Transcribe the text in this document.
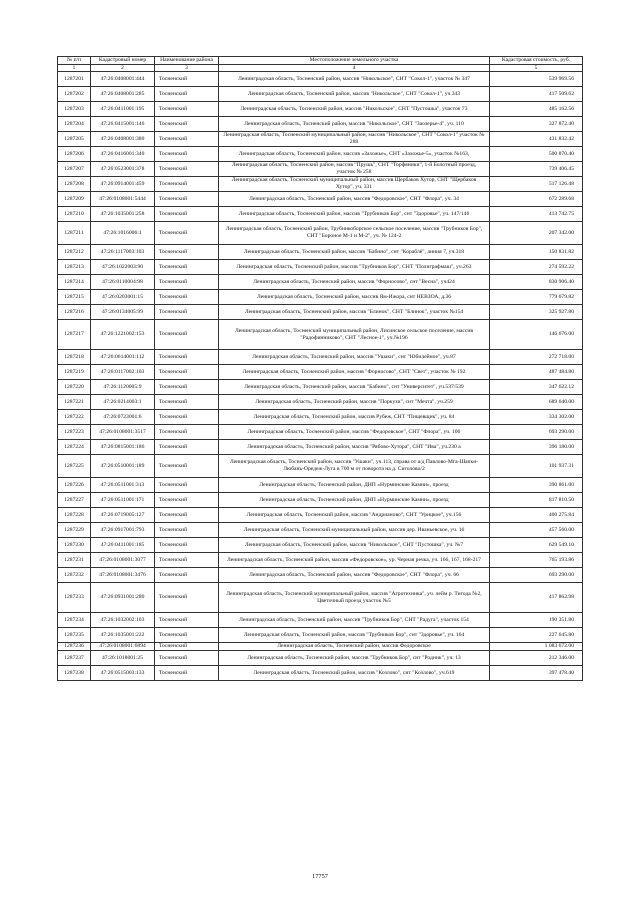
№ п/п	Кадастровый номер	Наименование района	Местоположение земельного участка	Кадастровая стоимость, руб.
1	2	3	4	5
1287201	47:26:0408001:444	Тосненский	Ленинградская область, Тосненский район, массив "Никольское", СНТ "Сокол-1", участок № 347	539 969.56
1287202	47:26:0408001:285	Тосненский	Ленинградская область, Тосненский район, массив "Никольское", СНТ "Сокол-1", уч.343	417 509.62
1287203	47:26:0411001:195	Тосненский	Ленинградская область, Тосненский район, массив "Никольское", СНТ "Пустошка", участок 73	485 162.56
1287204	47:26:0415001:146	Тосненский	Ленинградская область, Тосненский район, массив "Никольское", СНТ "Заозерье-4", уч. 110	327 872.40
1287205	47:26:0408001:380	Тосненский	Ленинградская область, Тосненский муниципальный район, массив "Никольское", СНТ "Сокол-1" участок № 288	431 832.42
1287206	47:26:0416001:340	Тосненский	Ленинградская область, Тосненский район, массив «Захожье», СНТ «Захожье-5», участок №163,	500 870.40
1287207	47:26:0523001:378	Тосненский	Ленинградская область, Тосненский район, массив "Прушь", СНТ "Торфяники", 1-й Болотный проезд, участок № 258	739 406.45
1287208	47:26:0914001:459	Тосненский	Ленинградская область, Тосненский муниципальный район, массив Щербаков Хутор, СНТ "Щербаков Хутор", уч. 331	517 126.48
1287209	47:26:0108001:5444	Тосненский	Ленинградская область, Тосненский район, массив "Федоровское", СНТ "Флора", уч. 34	672 289.68
1287210	47:26:1035001:258	Тосненский	Ленинградская область, Тосненский район, массив "Трубников Бор", снт "Здоровье", уч. 147/146	413 742.75
1287211	47:26:1016006:1	Тосненский	Ленинградская область, Тосненский район, Трубникоборское сельское поселение, массив "Трубников Бор", СНТ "Бороное М-1 и М-2", уч. № 124-2	207 342.00
1287212	47:26:1117003:103	Тосненский	Ленинградская область, Тосненский район, массив "Бабино", снт "Кораблё", линия 7, уч.318	150 831.82
1287213	47:26:1022003:90	Тосненский	Ленинградская область, Тосненский район, массив "Трубников Бор", СНТ "Полиграфмаш", уч.263	274 592.22
1287214	47:26:0110004:98	Тосненский	Ленинградская область, Тосненский район, массив "Форносово", снт "Весна", уч424	830 906.40
1287215	47:26:0203001:15	Тосненский	Ленинградская область, Тосненский район, массив Ям-Ижора, снт НЕВЗОА, д.36	779 679.82
1287216	47:26:0134005:99	Тосненский	Ленинградская область, Тосненский район, массив "Блинок", СНТ "Блинок", участок №154	325 927.80
1287217	47:26:1221002:153	Тосненский	Ленинградская область, Тосненский муниципальный район, Лисинское сельское поселение, массив "Радофинниково", СНТ "Лесное-1", уч.№196	146 676.00
1287218	47:26:0614001:112	Тосненский	Ленинградская область, Тосненский район, массив "Ушаки", снт "Юбилейное", уч.87	272 718.00
1287219	47:26:0117002:103	Тосненский	Ленинградская область, Тосненский район, массив "Форносово", СНТ "Свет", участок № 192	487 484.80
1287220	47:26:1120005:9	Тосненский	Ленинградская область, Тосненский район, массив "Бабино", снт "Университет", уч.537/539	347 622.12
1287221	47:26:0214003:1	Тосненский	Ленинградская область, Тосненский район, массив "Поркузи", снт "Мечта", уч.259	689 640.00
1287222	47:26:0723001:6	Тосненский	Ленинградская область, Тосненский район, массив Рубеж, СНТ "Пищевщик", уч. 84	334 302.00
1287223	47:26:0108001:3517	Тосненский	Ленинградская область, Тосненский район, массив "Федоровское", СНТ "Флора", уч. 106	693 290.00
1287224	47:26:0815001:186	Тосненский	Ленинградская область, Тосненский район, массив "Рябово-Хутора", СНТ "Ива", уч.230 а	396 180.00
1287225	47:26:0510001:189	Тосненский	Ленинградская область, Тосненский район, массив "Ушаки", уч.113, справа от а/д Павлово-Мга-Шапки-Любань-Оредеж-Луга в 700 м от поворота на д. Сиголово/2	101 937.31
1287226	47:26:0511001:313	Тосненский	Ленинградская область, Тосненский район, ДНП «Нурминские Камни», проезд	390 861.00
1287227	47:26:0511001:171	Тосненский	Ленинградская область, Тосненский район, ДНП «Нурминские Камни», проезд	817 810.50
1287228	47:26:0719005:127	Тосненский	Ленинградская область, Тосненский район, массив "Андрианово", СНТ "Урицкое", уч.156	400 275.84
1287229	47:26:0917001:793	Тосненский	Ленинградская область, Тосненский муниципальный район, массив дер. Иваньевское, уч. 16	457 560.00
1287230	47:26:0411001:185	Тосненский	Ленинградская область, Тосненский район, массив "Никольское", СНТ "Пустошка", уч. №7	629 549.10
1287231	47:26:0108001:3077	Тосненский	Ленинградская область, Тосненский район, массив «Федоровское», ур. Черная речка, уч. 166, 167, 168-217	765 193.86
1287232	47:26:0108001:3476	Тосненский	Ленинградская область, Тосненский район, массив "Федоровское", СНТ "Флора", уч. 66	693 290.00
1287233	47:26:0931001:280	Тосненский	Ленинградская область, Тосненский муниципальный район, массив "Агротехника", уч. лейм р. Тигода №2, Цветочный проезд участок №5	417 862.98
1287234	47:26:1032002:103	Тосненский	Ленинградская область, Тосненский район, массив "Трубников Бор", СНТ "Радуга", участок 154	190 351.80
1287235	47:26:1035001:222	Тосненский	Ленинградская область, Тосненский район, массив "Трубников Бор", снт "Здоровье", уч. 164	227 645.80
1287236	47:26:0108001:6894	Тосненский	Ленинградская область, Тосненский район, массив Федоровское	1 083 672.00
1287237	47:26:1018001:25	Тосненский	Ленинградская область, Тосненский район, массив "Трубников Бор", снт "Родник", уч. 13	212 346.00
1287238	47:26:0515003:133	Тосненский	Ленинградская область, Тосненский район, массив "Козлово", снт "Козлово", уч.619	397 478.40
17757
